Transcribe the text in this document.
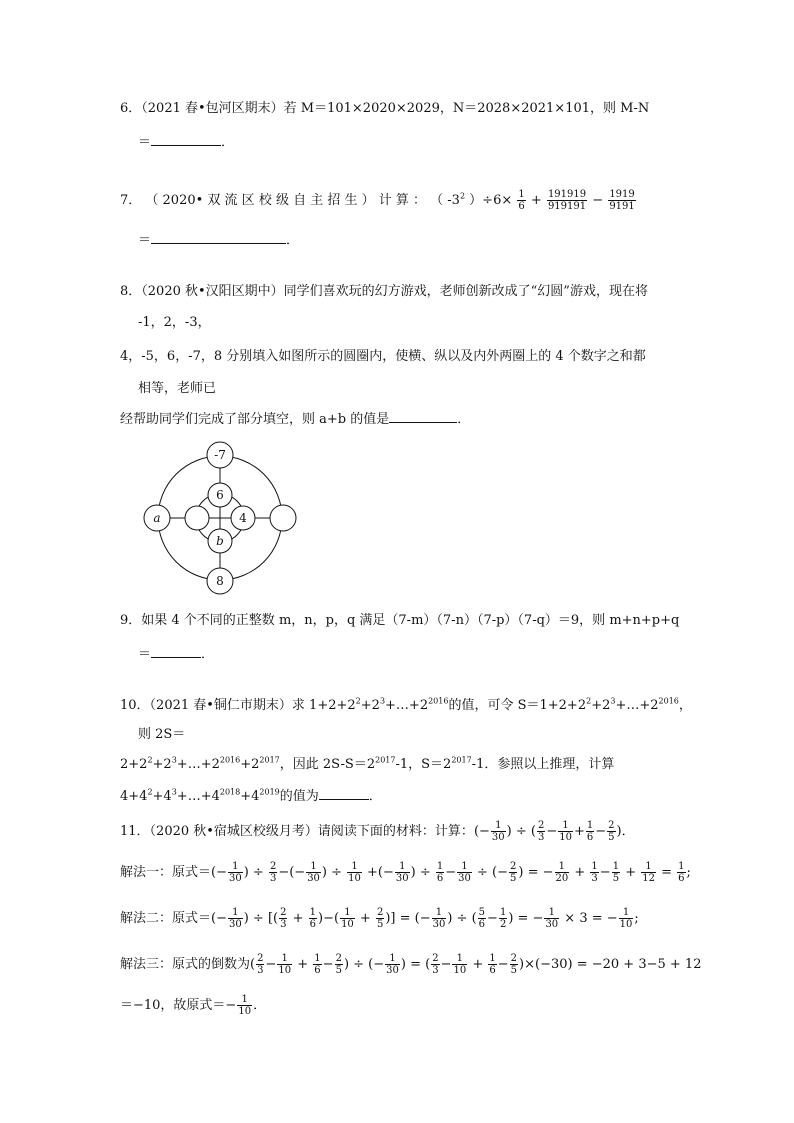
6．（2021 春•包河区期末）若 M＝101×2020×2029，N＝2028×2021×101，则 M-N
＝	．
7． （ 2020• 双 流 区 校 级 自 主 招 生 ） 计 算 ： （ $-3^2$ ）$\div 6\times \frac{1}{6} + \frac{191919}{919191} - \frac{1919}{9191}$
＝	．
8．（2020 秋•汉阳区期中）同学们喜欢玩的幻方游戏，老师创新改成了“幻圆”游戏，现在将
-1，2，-3，
4，-5，6，-7，8 分别填入如图所示的圆圈内，使横、纵以及内外两圈上的 4 个数字之和都
相等，老师已
经帮助同学们完成了部分填空，则 a+b 的值是	．
-7
6
a	4
b
8
9．如果 4 个不同的正整数 m，n，p，q 满足（7-m）（7-n）（7-p）（7-q）＝9，则 m+n+p+q
＝	．
10．（2021 春•铜仁市期末）求 $1+2+2^2+2^3+\dots+2^{2016}$的值，可令 $S=1+2+2^2+2^3+\dots+2^{2016}$，
则 2S＝
$2+2^2+2^3+\dots+2^{2016}+2^{2017}$，因此 $2S-S=2^{2017}-1$，$S=2^{2017}-1$．参照以上推理，计算
$4+4^2+4^3+\dots+4^{2018}+4^{2019}$的值为	．
11．（2020 秋•宿城区校级月考）请阅读下面的材料：计算：(− $\frac{1}{30}$ ) ÷ ( $\frac{2}{3} - \frac{1}{10} + \frac{1}{6} - \frac{2}{5}$ )．
解法一：原式＝(− $\frac{1}{30}$ ) ÷ $\frac{2}{3}$ −(− $\frac{1}{30}$ ) ÷ $\frac{1}{10}$ +(− $\frac{1}{30}$ ) ÷ $\frac{1}{6} - \frac{1}{30}$ ÷ (− $\frac{2}{5}$ ) = − $\frac{1}{20} + \frac{1}{3} - \frac{1}{5} + \frac{1}{12} = \frac{1}{6}$ ;
解法二：原式＝(− $\frac{1}{30}$ ) ÷ [( $\frac{2}{3} + \frac{1}{6}$ )−( $\frac{1}{10} + \frac{2}{5}$ )] = (− $\frac{1}{30}$ ) ÷ ( $\frac{5}{6} - \frac{1}{2}$ ) = − $\frac{1}{30} \times 3$ = − $\frac{1}{10}$ ;
解法三：原式的倒数为( $\frac{2}{3} - \frac{1}{10} + \frac{1}{6} - \frac{2}{5}$ ) ÷ (− $\frac{1}{30}$ ) = ( $\frac{2}{3} - \frac{1}{10} + \frac{1}{6} - \frac{2}{5} )\times(-30) = -20 + 3-5 + 12$
＝−10，故原式＝− $\frac{1}{10}$ ．
